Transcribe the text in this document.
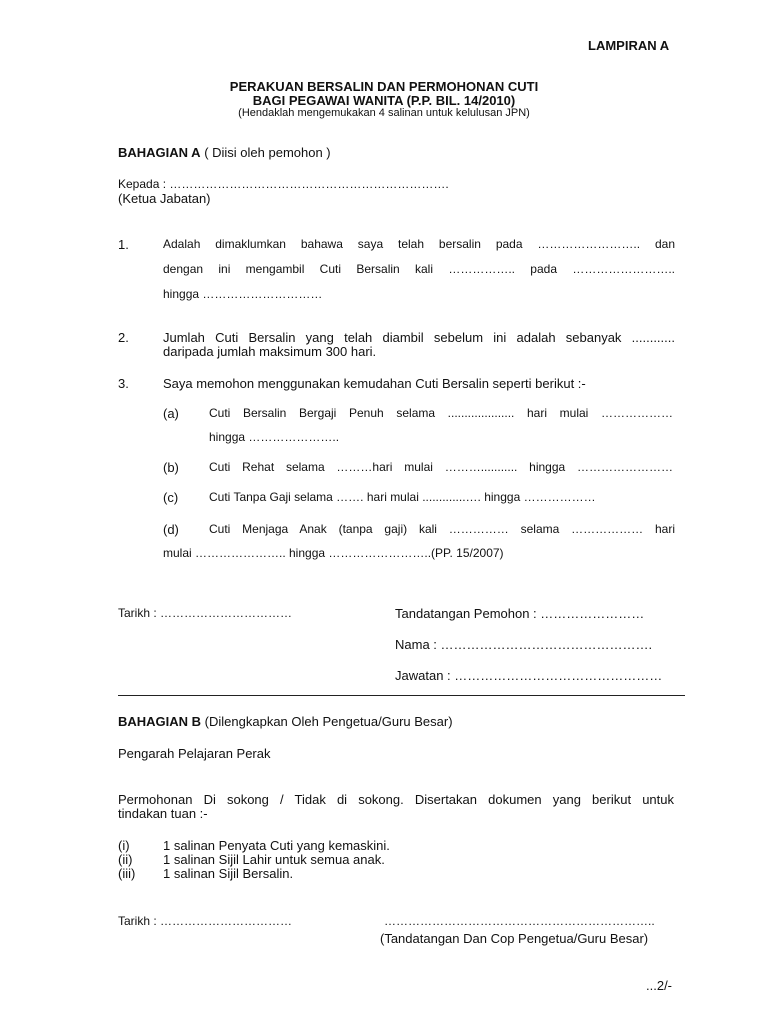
LAMPIRAN A
PERAKUAN BERSALIN DAN PERMOHONAN CUTI
BAGI PEGAWAI WANITA (P.P. BIL. 14/2010)
(Hendaklah mengemukakan 4 salinan untuk kelulusan JPN)
BAHAGIAN A ( Diisi oleh pemohon )
Kepada : …………………………………………………………….
(Ketua Jabatan)
1.	Adalah dimaklumkan bahawa saya telah bersalin pada …………………….. dan
dengan ini mengambil Cuti Bersalin kali …………….. pada ……………………..
hingga …………………………
2.	Jumlah Cuti Bersalin yang telah diambil sebelum ini adalah sebanyak ............
daripada jumlah maksimum 300 hari.
3.	Saya memohon menggunakan kemudahan Cuti Bersalin seperti berikut :-
(a)	Cuti Bersalin Bergaji Penuh selama .................... hari mulai ………………
hingga …………………..
(b)	Cuti Rehat selama ………hari mulai ………........... hingga ……………………
(c)	Cuti Tanpa Gaji selama ……. hari mulai .............…. hingga ………………
(d)	Cuti Menjaga Anak (tanpa gaji) kali …………… selama ……………… hari
mulai ………………….. hingga ……………………..(PP. 15/2007)
Tarikh : ……………………………	Tandatangan Pemohon : ……………………
Nama : ………………………………………….
Jawatan : …………………………………………
BAHAGIAN B (Dilengkapkan Oleh Pengetua/Guru Besar)
Pengarah Pelajaran Perak
Permohonan Di sokong / Tidak di sokong. Disertakan dokumen yang berikut untuk
tindakan tuan :-
(i)	1 salinan Penyata Cuti yang kemaskini.
(ii) 1 salinan Sijil Lahir untuk semua anak.
(iii) 1 salinan Sijil Bersalin.
Tarikh : ……………………………	…………………………………………………………..
(Tandatangan Dan Cop Pengetua/Guru Besar)
...2/-
